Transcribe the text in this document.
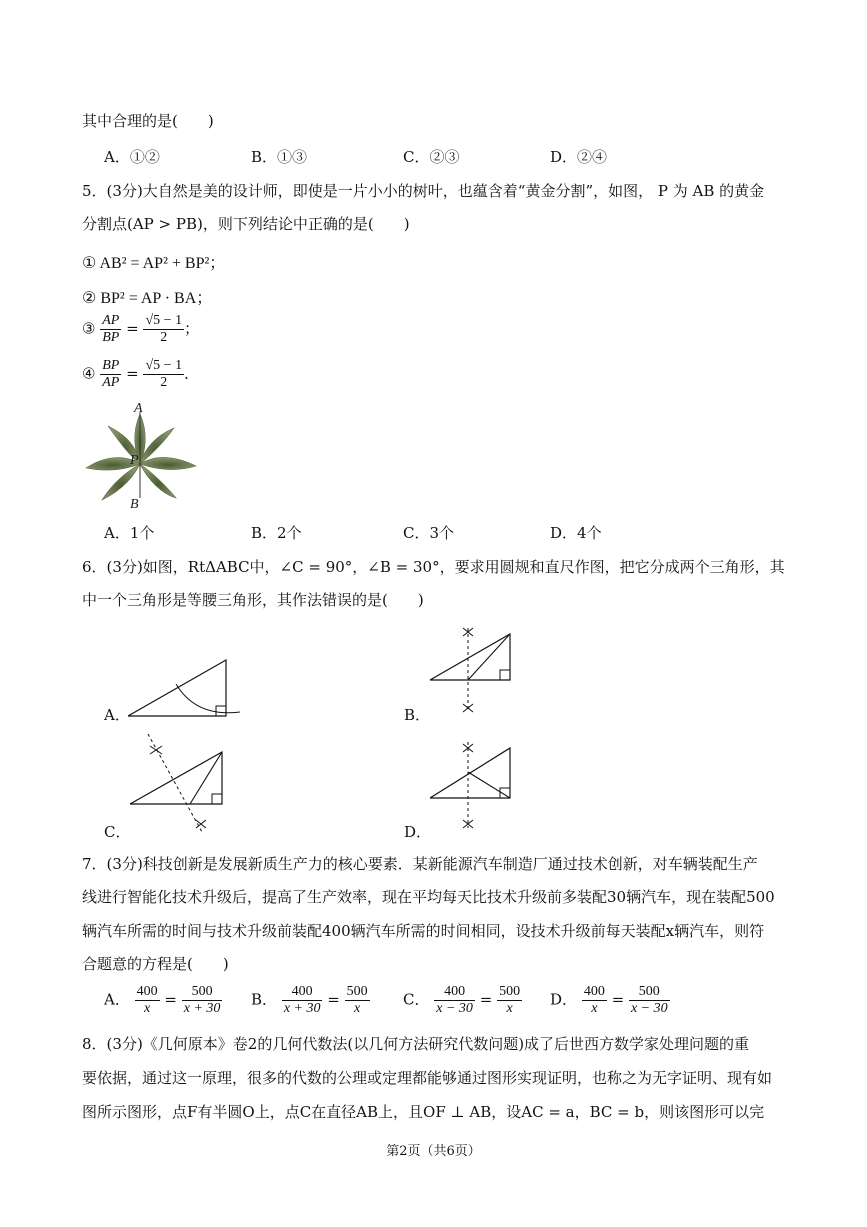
其中合理的是(　　)
A．①②	B．①③	C．②③	D．②④
5．(3分)大自然是美的设计师，即使是一片小小的树叶，也蕴含着“黄金分割”，如图， P 为 AB 的黄金
分割点(AP > PB)，则下列结论中正确的是(　　)
① AB² = AP² + BP²；
② BP² = AP · BA；
③ $\frac{AP}{BP} = \frac{√5 - 1}{2}$ ；
④ $\frac{BP}{AP} = \frac{√5 - 1}{2}$ ．
A
P
B
A．1个	B．2个	C．3个	D．4个
6．(3分)如图，RtΔABC中，∠C = 90°，∠B = 30°，要求用圆规和直尺作图，把它分成两个三角形，其
中一个三角形是等腰三角形，其作法错误的是(　　)
A．	B．
C．	D．
7．(3分)科技创新是发展新质生产力的核心要素．某新能源汽车制造厂通过技术创新，对车辆装配生产
线进行智能化技术升级后，提高了生产效率，现在平均每天比技术升级前多装配30辆汽车，现在装配500
辆汽车所需的时间与技术升级前装配400辆汽车所需的时间相同，设技术升级前每天装配x辆汽车，则符
合题意的方程是(　　)
A． $\frac{400}{x} = \frac{500}{x + 30}$ B． $\frac{400}{x + 30} = \frac{500}{x}$ C． $\frac{400}{x - 30} = \frac{500}{x}$ D． $\frac{400}{x} = \frac{500}{x - 30}$
8．(3分)《几何原本》卷2的几何代数法(以几何方法研究代数问题)成了后世西方数学家处理问题的重
要依据，通过这一原理，很多的代数的公理或定理都能够通过图形实现证明，也称之为无字证明、现有如
图所示图形，点F有半圆O上，点C在直径AB上，且OF ⊥ AB，设AC = a，BC = b，则该图形可以完
第2页（共6页）
